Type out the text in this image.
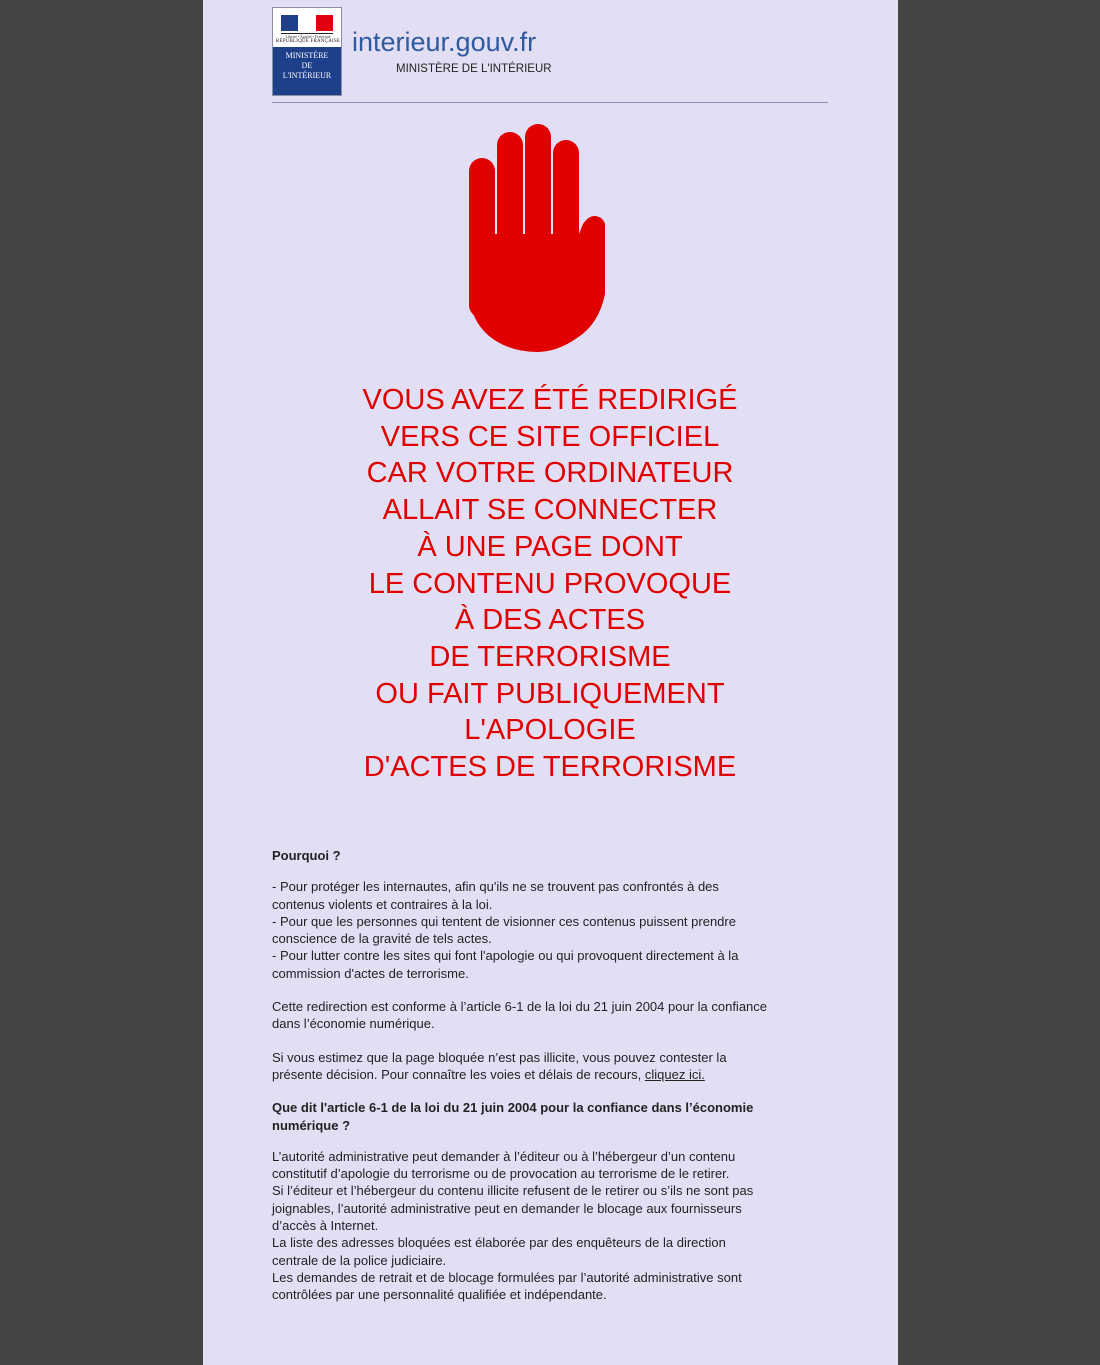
Liberté • Égalité • Fraternité
RÉPUBLIQUE FRANÇAISE
MINISTÈRE
DE
L'INTÉRIEUR
interieur.gouv.fr
MINISTÈRE DE L'INTÉRIEUR
VOUS AVEZ ÉTÉ REDIRIGÉ
VERS CE SITE OFFICIEL
CAR VOTRE ORDINATEUR
ALLAIT SE CONNECTER
À UNE PAGE DONT
LE CONTENU PROVOQUE
À DES ACTES
DE TERRORISME
OU FAIT PUBLIQUEMENT
L'APOLOGIE
D'ACTES DE TERRORISME

Pourquoi ?

- Pour protéger les internautes, afin qu'ils ne se trouvent pas confrontés à des
contenus violents et contraires à la loi.
- Pour que les personnes qui tentent de visionner ces contenus puissent prendre
conscience de la gravité de tels actes.
- Pour lutter contre les sites qui font l'apologie ou qui provoquent directement à la
commission d'actes de terrorisme.

Cette redirection est conforme à l’article 6-1 de la loi du 21 juin 2004 pour la confiance
dans l’économie numérique.

Si vous estimez que la page bloquée n’est pas illicite, vous pouvez contester la
présente décision. Pour connaître les voies et délais de recours, cliquez ici.

Que dit l'article 6-1 de la loi du 21 juin 2004 pour la confiance dans l’économie
numérique ?

L’autorité administrative peut demander à l’éditeur ou à l’hébergeur d’un contenu
constitutif d’apologie du terrorisme ou de provocation au terrorisme de le retirer.
Si l’éditeur et l’hébergeur du contenu illicite refusent de le retirer ou s’ils ne sont pas
joignables, l’autorité administrative peut en demander le blocage aux fournisseurs
d’accès à Internet.
La liste des adresses bloquées est élaborée par des enquêteurs de la direction
centrale de la police judiciaire.
Les demandes de retrait et de blocage formulées par l’autorité administrative sont
contrôlées par une personnalité qualifiée et indépendante.
